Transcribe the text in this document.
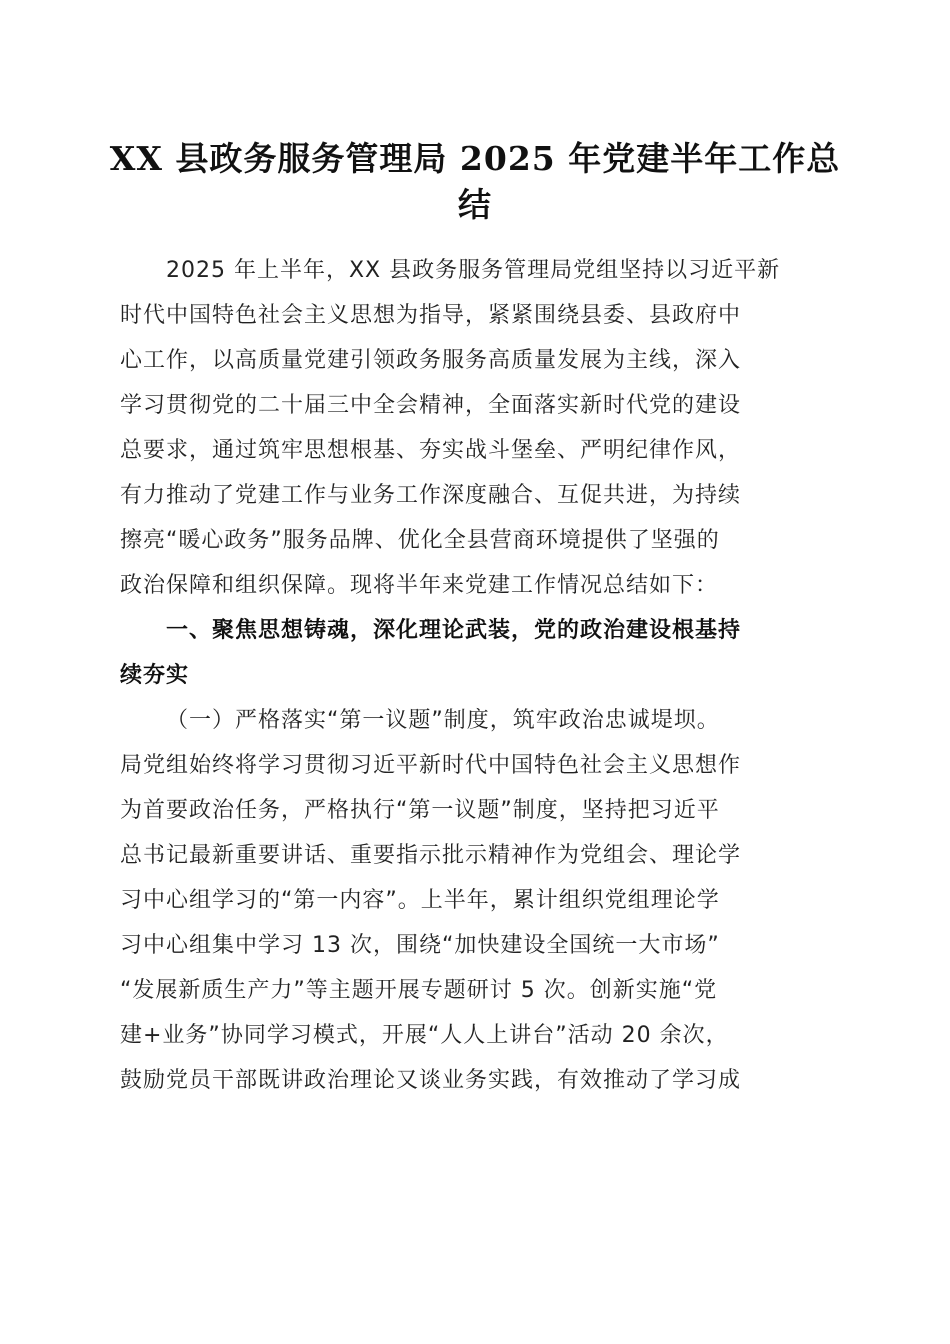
XX 县政务服务管理局 2025 年党建半年工作总
结

2025 年上半年，XX 县政务服务管理局党组坚持以习近平新
时代中国特色社会主义思想为指导，紧紧围绕县委、县政府中
心工作，以高质量党建引领政务服务高质量发展为主线，深入
学习贯彻党的二十届三中全会精神，全面落实新时代党的建设
总要求，通过筑牢思想根基、夯实战斗堡垒、严明纪律作风，
有力推动了党建工作与业务工作深度融合、互促共进，为持续
擦亮“暖心政务”服务品牌、优化全县营商环境提供了坚强的
政治保障和组织保障。现将半年来党建工作情况总结如下：

一、聚焦思想铸魂，深化理论武装，党的政治建设根基持
续夯实

（一）严格落实“第一议题”制度，筑牢政治忠诚堤坝。
局党组始终将学习贯彻习近平新时代中国特色社会主义思想作
为首要政治任务，严格执行“第一议题”制度，坚持把习近平
总书记最新重要讲话、重要指示批示精神作为党组会、理论学
习中心组学习的“第一内容”。上半年，累计组织党组理论学
习中心组集中学习 13 次，围绕“加快建设全国统一大市场”
“发展新质生产力”等主题开展专题研讨 5 次。创新实施“党
建+业务”协同学习模式，开展“人人上讲台”活动 20 余次，
鼓励党员干部既讲政治理论又谈业务实践，有效推动了学习成
